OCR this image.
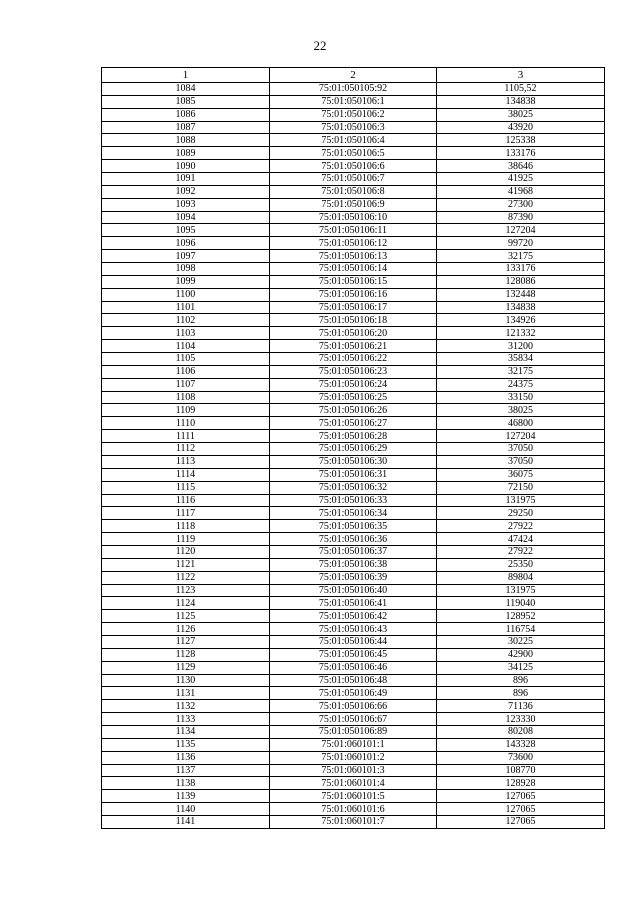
22
1	2	3
1084	75:01:050105:92	1105,52
1085	75:01:050106:1	134838
1086	75:01:050106:2	38025
1087	75:01:050106:3	43920
1088	75:01:050106:4	125338
1089	75:01:050106:5	133176
1090	75:01:050106:6	38646
1091	75:01:050106:7	41925
1092	75:01:050106:8	41968
1093	75:01:050106:9	27300
1094	75:01:050106:10	87390
1095	75:01:050106:11	127204
1096	75:01:050106:12	99720
1097	75:01:050106:13	32175
1098	75:01:050106:14	133176
1099	75:01:050106:15	128086
1100	75:01:050106:16	132448
1101	75:01:050106:17	134838
1102	75:01:050106:18	134926
1103	75:01:050106:20	121332
1104	75:01:050106:21	31200
1105	75:01:050106:22	35834
1106	75:01:050106:23	32175
1107	75:01:050106:24	24375
1108	75:01:050106:25	33150
1109	75:01:050106:26	38025
1110	75:01:050106:27	46800
1111	75:01:050106:28	127204
1112	75:01:050106:29	37050
1113	75:01:050106:30	37050
1114	75:01:050106:31	36075
1115	75:01:050106:32	72150
1116	75:01:050106:33	131975
1117	75:01:050106:34	29250
1118	75:01:050106:35	27922
1119	75:01:050106:36	47424
1120	75:01:050106:37	27922
1121	75:01:050106:38	25350
1122	75:01:050106:39	89804
1123	75:01:050106:40	131975
1124	75:01:050106:41	119040
1125	75:01:050106:42	128952
1126	75:01:050106:43	116754
1127	75:01:050106:44	30225
1128	75:01:050106:45	42900
1129	75:01:050106:46	34125
1130	75:01:050106:48	896
1131	75:01:050106:49	896
1132	75:01:050106:66	71136
1133	75:01:050106:67	123330
1134	75:01:050106:89	80208
1135	75:01:060101:1	143328
1136	75:01:060101:2	73600
1137	75:01:060101:3	108770
1138	75:01:060101:4	128928
1139	75:01:060101:5	127065
1140	75:01:060101:6	127065
1141	75:01:060101:7	127065
